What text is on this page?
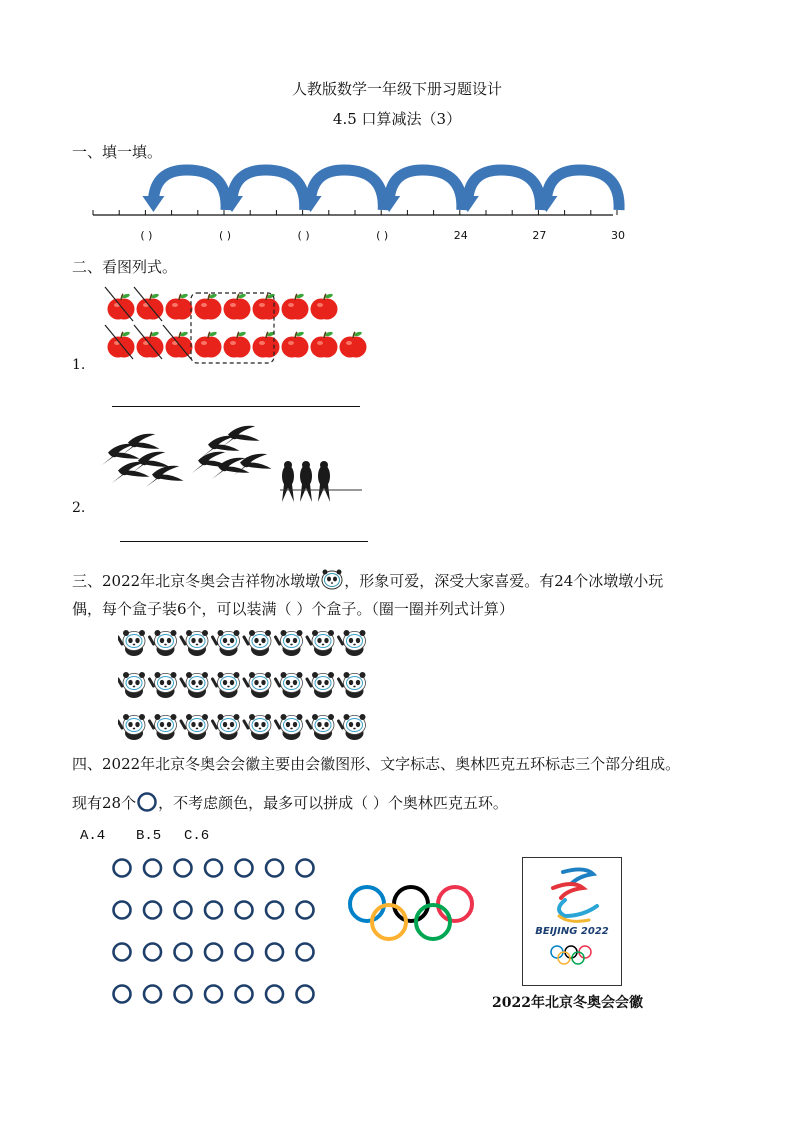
人教版数学一年级下册习题设计
4.5 口算减法（3）
一、填一填。
( )	( )	( )	( )	24	27	30
二、看图列式。
1.
2.
三、2022年北京冬奥会吉祥物冰墩墩 ，形象可爱，深受大家喜爱。有24个冰墩墩小玩
偶，每个盒子装6个，可以装满（ ）个盒子。（圈一圈并列式计算）
四、2022年北京冬奥会会徽主要由会徽图形、文字标志、奥林匹克五环标志三个部分组成。
现有28个 ，不考虑颜色，最多可以拼成（ ）个奥林匹克五环。
A.4 B.5 C.6
BEIJING 2022
2022年北京冬奥会会徽
